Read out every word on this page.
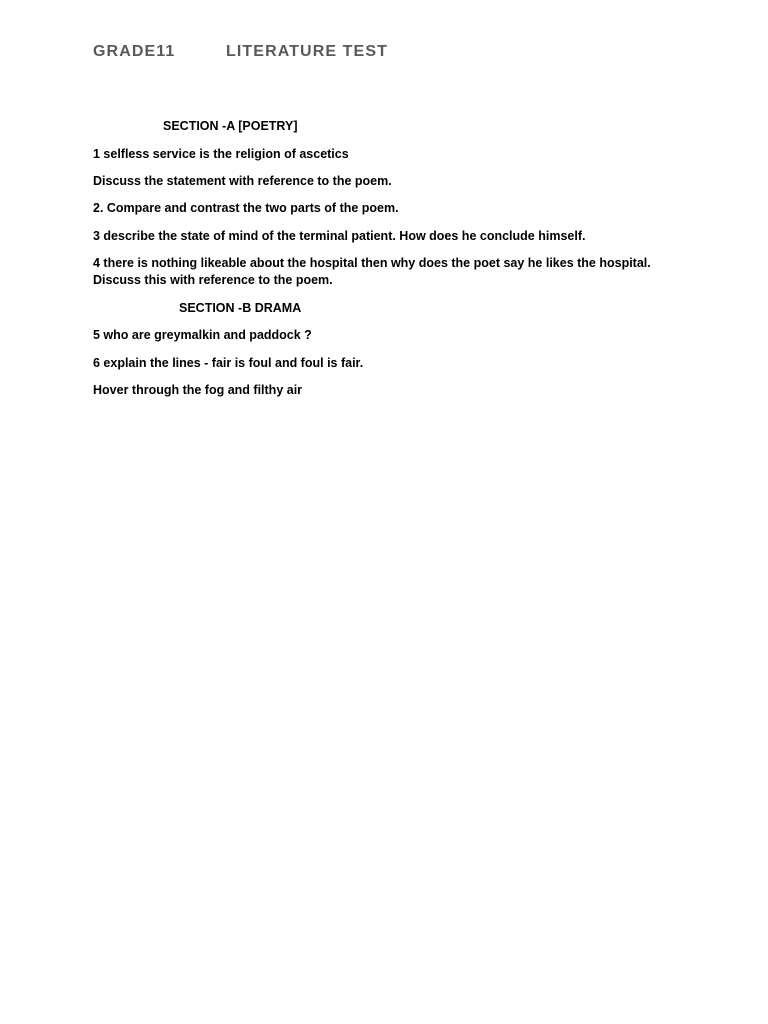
GRADE11	LITERATURE TEST
SECTION -A [POETRY]
1 selfless service is the religion of ascetics
Discuss the statement with reference to the poem.
2. Compare and contrast the two parts of the poem.
3 describe the state of mind of the terminal patient. How does he conclude himself.
4 there is nothing likeable about the hospital then why does the poet say he likes the hospital.
Discuss this with reference to the poem.
SECTION -B DRAMA
5 who are greymalkin and paddock ?
6 explain the lines - fair is foul and foul is fair.
Hover through the fog and filthy air
